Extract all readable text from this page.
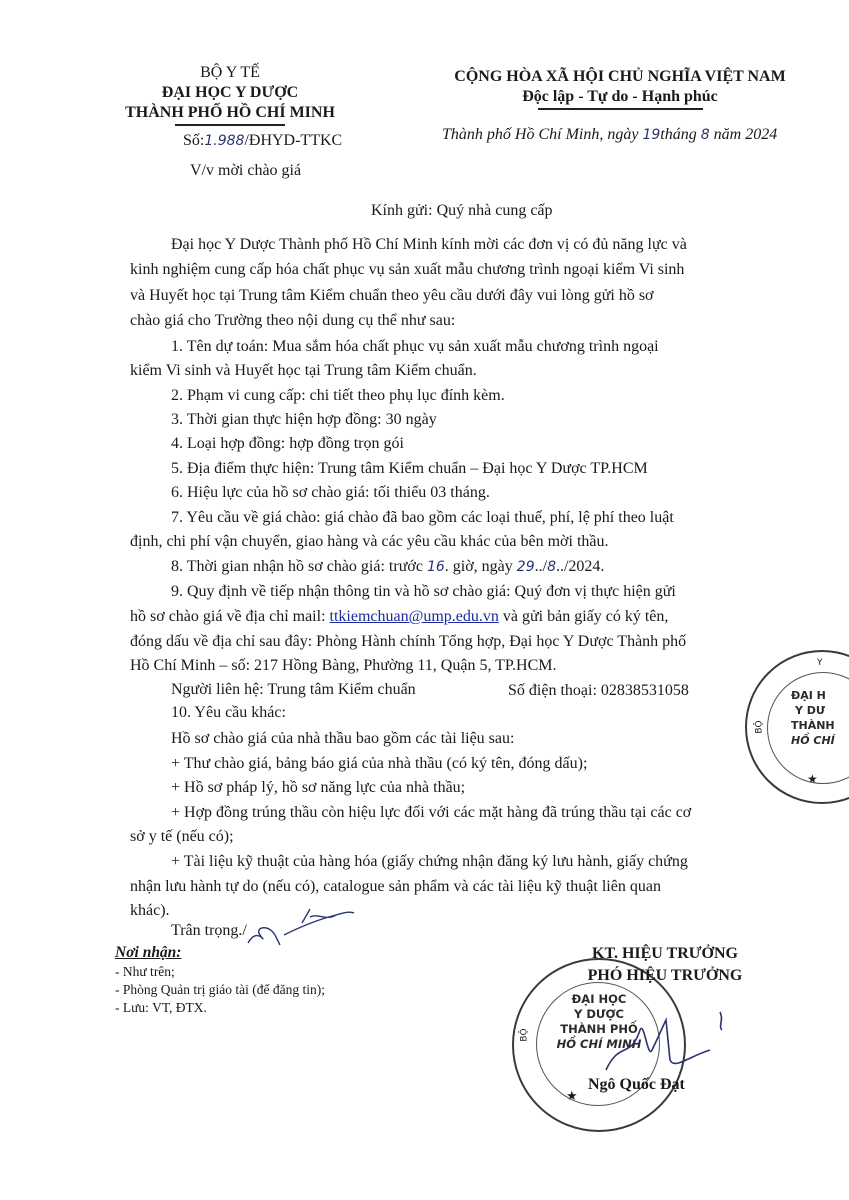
BỘ Y TẾ
ĐẠI HỌC Y DƯỢC
THÀNH PHỐ HỒ CHÍ MINH
Số:1.988/ĐHYD-TTKC
V/v mời chào giá
CỘNG HÒA XÃ HỘI CHỦ NGHĨA VIỆT NAM
Độc lập - Tự do - Hạnh phúc
Thành phố Hồ Chí Minh, ngày 19tháng 8 năm 2024
Kính gửi: Quý nhà cung cấp
Đại học Y Dược Thành phố Hồ Chí Minh kính mời các đơn vị có đủ năng lực và
kinh nghiệm cung cấp hóa chất phục vụ sản xuất mẫu chương trình ngoại kiểm Vi sinh
và Huyết học tại Trung tâm Kiểm chuẩn theo yêu cầu dưới đây vui lòng gửi hồ sơ
chào giá cho Trường theo nội dung cụ thể như sau:
1. Tên dự toán: Mua sắm hóa chất phục vụ sản xuất mẫu chương trình ngoại
kiểm Vi sinh và Huyết học tại Trung tâm Kiểm chuẩn.
2. Phạm vi cung cấp: chi tiết theo phụ lục đính kèm.
3. Thời gian thực hiện hợp đồng: 30 ngày
4. Loại hợp đồng: hợp đồng trọn gói
5. Địa điểm thực hiện: Trung tâm Kiểm chuẩn – Đại học Y Dược TP.HCM
6. Hiệu lực của hồ sơ chào giá: tối thiểu 03 tháng.
7. Yêu cầu về giá chào: giá chào đã bao gồm các loại thuế, phí, lệ phí theo luật
định, chi phí vận chuyển, giao hàng và các yêu cầu khác của bên mời thầu.
8. Thời gian nhận hồ sơ chào giá: trước 16. giờ, ngày 29../8../2024.
9. Quy định về tiếp nhận thông tin và hồ sơ chào giá: Quý đơn vị thực hiện gửi
hồ sơ chào giá về địa chỉ mail: ttkiemchuan@ump.edu.vn và gửi bản giấy có ký tên,
đóng dấu về địa chỉ sau đây: Phòng Hành chính Tổng hợp, Đại học Y Dược Thành phố
Hồ Chí Minh – số: 217 Hồng Bàng, Phường 11, Quận 5, TP.HCM.
Người liên hệ: Trung tâm Kiểm chuẩn	Số điện thoại: 02838531058
10. Yêu cầu khác:
Hồ sơ chào giá của nhà thầu bao gồm các tài liệu sau:
+ Thư chào giá, bảng báo giá của nhà thầu (có ký tên, đóng dấu);
+ Hồ sơ pháp lý, hồ sơ năng lực của nhà thầu;
+ Hợp đồng trúng thầu còn hiệu lực đối với các mặt hàng đã trúng thầu tại các cơ
sở y tế (nếu có);
+ Tài liệu kỹ thuật của hàng hóa (giấy chứng nhận đăng ký lưu hành, giấy chứng
nhận lưu hành tự do (nếu có), catalogue sản phẩm và các tài liệu kỹ thuật liên quan
khác).
Trân trọng./
Nơi nhận:
- Như trên;
- Phòng Quản trị giáo tài (để đăng tin);
- Lưu: VT, ĐTX.
ĐẠI HỌC
Y DƯỢC
THÀNH PHỐ
HỒ CHÍ MINH
BỘ
★
KT. HIỆU TRƯỞNG
PHÓ HIỆU TRƯỞNG
Ngô Quốc Đạt
Y
ĐẠI H
Y DƯ
THÀNH
HỒ CHÍ
BỘ
★
